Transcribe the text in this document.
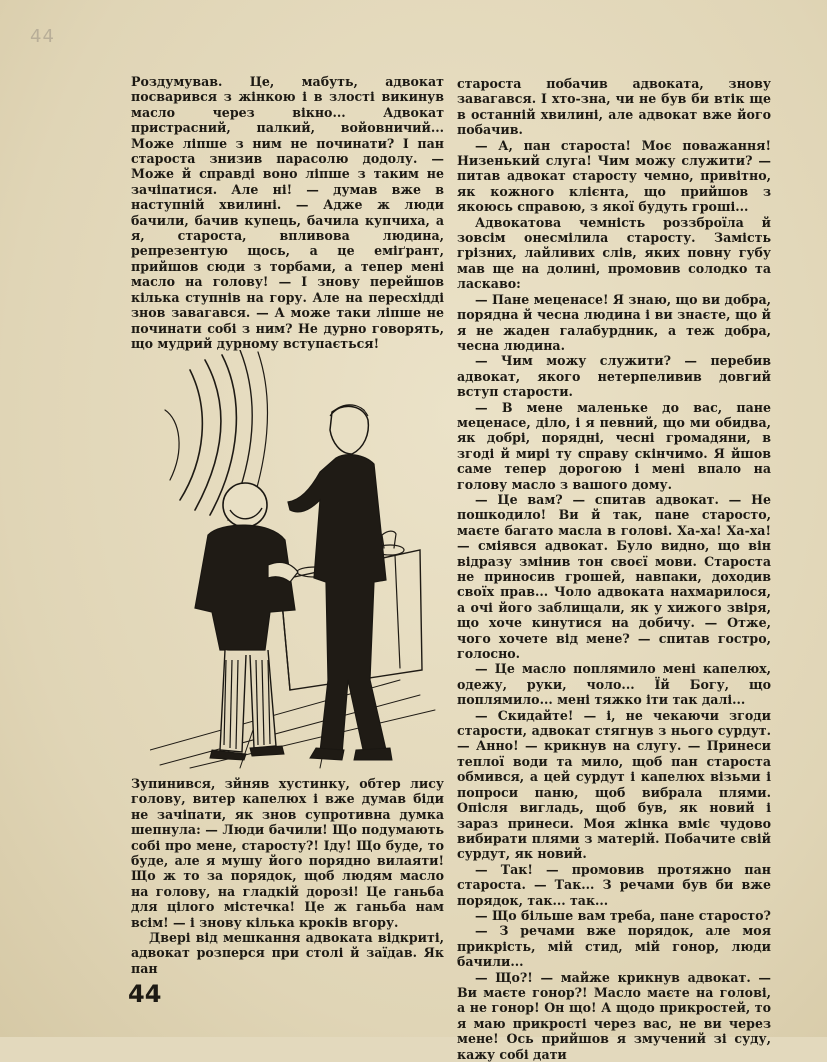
44

Роздумував. Це, мабуть, адвокат посварився з жінкою і в злості викинув масло через вікно... Адвокат пристрасний, палкий, войовничий... Може ліпше з ним не починати? І пан староста знизив парасолю додолу. — Може й справді воно ліпше з таким не зачіпатися. Але ні! — думав вже в наступній хвилині. — Адже ж люди бачили, бачив купець, бачила купчиха, а я, староста, впливова людина, репрезентую щось, а це еміґрант, прийшов сюди з торбами, а тепер мені масло на голову! — І знову перейшов кілька ступнів на гору. Але на пересхідді знов завагався. — А може таки ліпше не починати собі з ним? Не дурно говорять, що мудрий дурному вступається!

Зупинився, зйняв хустинку, обтер лису голову, витер капелюх і вже думав біди не зачіпати, як знов супротивна думка шепнула: — Люди бачили! Що подумають собі про мене, старосту?! Іду! Що буде, то буде, але я мушу його порядно вилаяти! Що ж то за порядок, щоб людям масло на голову, на гладкій дорозі! Це ганьба для цілого містечка! Це ж ганьба нам всім! — і знову кілька кроків вгору.

Двері від мешкання адвоката відкриті, адвокат розперся при столі й заїдав. Як пан

староста побачив адвоката, знову завагався. І хто-зна, чи не був би втік ще в останній хвилині, але адвокат вже його побачив.

— А, пан староста! Моє поважання! Низенький слуга! Чим можу служити? — питав адвокат старосту чемно, привітно, як кожного клієнта, що прийшов з якоюсь справою, з якої будуть гроші...

Адвокатова чемність роззброїла й зовсім онесмілила старосту. Замість грізних, лайливих слів, яких повну губу мав ще на долині, промовив солодко та ласкаво:

— Пане меценасе! Я знаю, що ви добра, порядна й чесна людина і ви знаєте, що й я не жаден галабурдник, а теж добра, чесна людина.

— Чим можу служити? — перебив адвокат, якого нетерпеливив довгий вступ старости.

— В мене маленьке до вас, пане меценасе, діло, і я певний, що ми обидва, як добрі, порядні, чесні громадяни, в згоді й мирі ту справу скінчимо. Я йшов саме тепер дорогою і мені впало на голову масло з вашого дому.

— Це вам? — спитав адвокат. — Не пошкодило! Ви й так, пане старосто, маєте багато масла в голові. Ха-ха! Ха-ха! — сміявся адвокат. Було видно, що він відразу змінив тон своєї мови. Староста не приносив грошей, навпаки, доходив своїх прав... Чоло адвоката нахмарилося, а очі його заблищали, як у хижого звіря, що хоче кинутися на добичу. — Отже, чого хочете від мене? — спитав гостро, голосно.

— Це масло поплямило мені капелюх, одежу, руки, чоло... Їй Богу, що поплямило... мені тяжко іти так далі...

— Скидайте! — і, не чекаючи згоди старости, адвокат стягнув з нього сурдут. — Анно! — крикнув на слугу. — Принеси теплої води та мило, щоб пан староста обмився, а цей сурдут і капелюх візьми і попроси паню, щоб вибрала плями. Опісля вигладь, щоб був, як новий і зараз принеси. Моя жінка вміє чудово вибирати плями з матерій. Побачите свій сурдут, як новий.

— Так! — промовив протяжно пан староста. — Так... З речами був би вже порядок, так... так...

— Що більше вам треба, пане старосто?

— З речами вже порядок, але моя прикрість, мій стид, мій гонор, люди бачили...

— Що?! — майже крикнув адвокат. — Ви маєте гонор?! Масло маєте на голові, а не гонор! Он що! А щодо прикростей, то я маю прикрості через вас, не ви через мене! Ось прийшов я змучений зі суду, кажу собі дати

44
